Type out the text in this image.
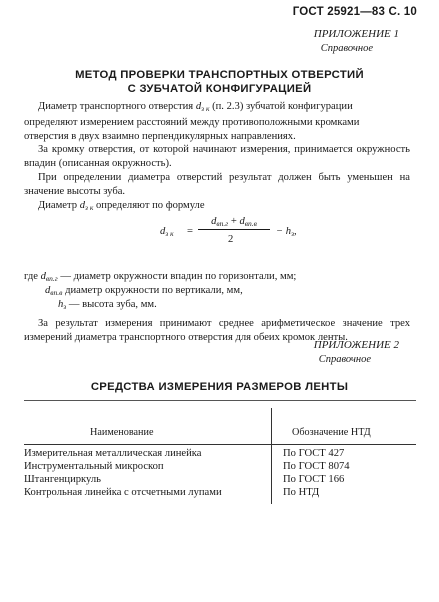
ГОСТ 25921—83 С. 10
ПРИЛОЖЕНИЕ 1
Справочное
МЕТОД ПРОВЕРКИ ТРАНСПОРТНЫХ ОТВЕРСТИЙ
С ЗУБЧАТОЙ КОНФИГУРАЦИЕЙ
Диаметр транспортного отверстия $d_{з к}$ (п. 2.3) зубчатой конфигурации
определяют измерением расстояний между противоположными кромками
отверстия в двух взаимно перпендикулярных направлениях.
За кромку отверстия, от которой начинают измерения, принимается окружность впадин (описанная окружность).
При определении диаметра отверстий результат должен быть уменьшен на значение высоты зуба.
Диаметр $d_{з к}$ определяют по формуле
$d_{з к}$ =
$d_{вп.г} + d_{вп.в}$
2
− $h_з$,
где $d_{вп.г}$ — диаметр окружности впадин по горизонтали, мм;
$d_{вп.в}$ диаметр окружности по вертикали, мм,
$h_з$ — высота зуба, мм.
За результат измерения принимают среднее арифметическое значение трех измерений диаметра транспортного отверстия для обеих кромок ленты.
ПРИЛОЖЕНИЕ 2
Справочное
СРЕДСТВА ИЗМЕРЕНИЯ РАЗМЕРОВ ЛЕНТЫ
Наименование	Обозначение НТД
Измерительная металлическая линейка	По ГОСТ 427
Инструментальный микроскоп	По ГОСТ 8074
Штангенциркуль	По ГОСТ 166
Контрольная линейка с отсчетными лупами	По НТД
